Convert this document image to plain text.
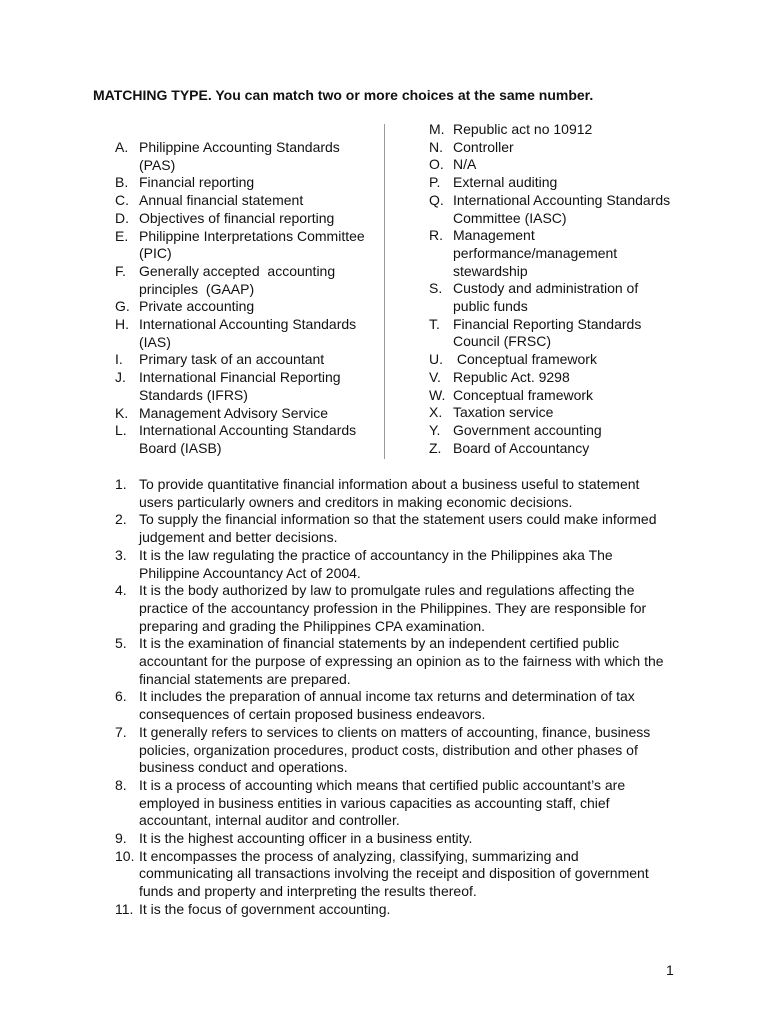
MATCHING TYPE. You can match two or more choices at the same number.
A. Philippine Accounting Standards (PAS)
B. Financial reporting
C. Annual financial statement
D. Objectives of financial reporting
E. Philippine Interpretations Committee (PIC)
F. Generally accepted  accounting principles  (GAAP)
G. Private accounting
H. International Accounting Standards (IAS)
I. Primary task of an accountant
J. International Financial Reporting Standards (IFRS)
K. Management Advisory Service
L. International Accounting Standards Board (IASB)
M. Republic act no 10912
N. Controller
O. N/A
P. External auditing
Q. International Accounting Standards Committee (IASC)
R. Management performance/management stewardship
S. Custody and administration of public funds
T. Financial Reporting Standards Council (FRSC)
U. Conceptual framework
V. Republic Act. 9298
W. Conceptual framework
X. Taxation service
Y. Government accounting
Z. Board of Accountancy
1. To provide quantitative financial information about a business useful to statement users particularly owners and creditors in making economic decisions.
2. To supply the financial information so that the statement users could make informed judgement and better decisions.
3. It is the law regulating the practice of accountancy in the Philippines aka The Philippine Accountancy Act of 2004.
4. It is the body authorized by law to promulgate rules and regulations affecting the practice of the accountancy profession in the Philippines. They are responsible for preparing and grading the Philippines CPA examination.
5. It is the examination of financial statements by an independent certified public accountant for the purpose of expressing an opinion as to the fairness with which the financial statements are prepared.
6. It includes the preparation of annual income tax returns and determination of tax consequences of certain proposed business endeavors.
7. It generally refers to services to clients on matters of accounting, finance, business policies, organization procedures, product costs, distribution and other phases of business conduct and operations.
8. It is a process of accounting which means that certified public accountant’s are employed in business entities in various capacities as accounting staff, chief accountant, internal auditor and controller.
9. It is the highest accounting officer in a business entity.
10. It encompasses the process of analyzing, classifying, summarizing and communicating all transactions involving the receipt and disposition of government funds and property and interpreting the results thereof.
11. It is the focus of government accounting.
1
